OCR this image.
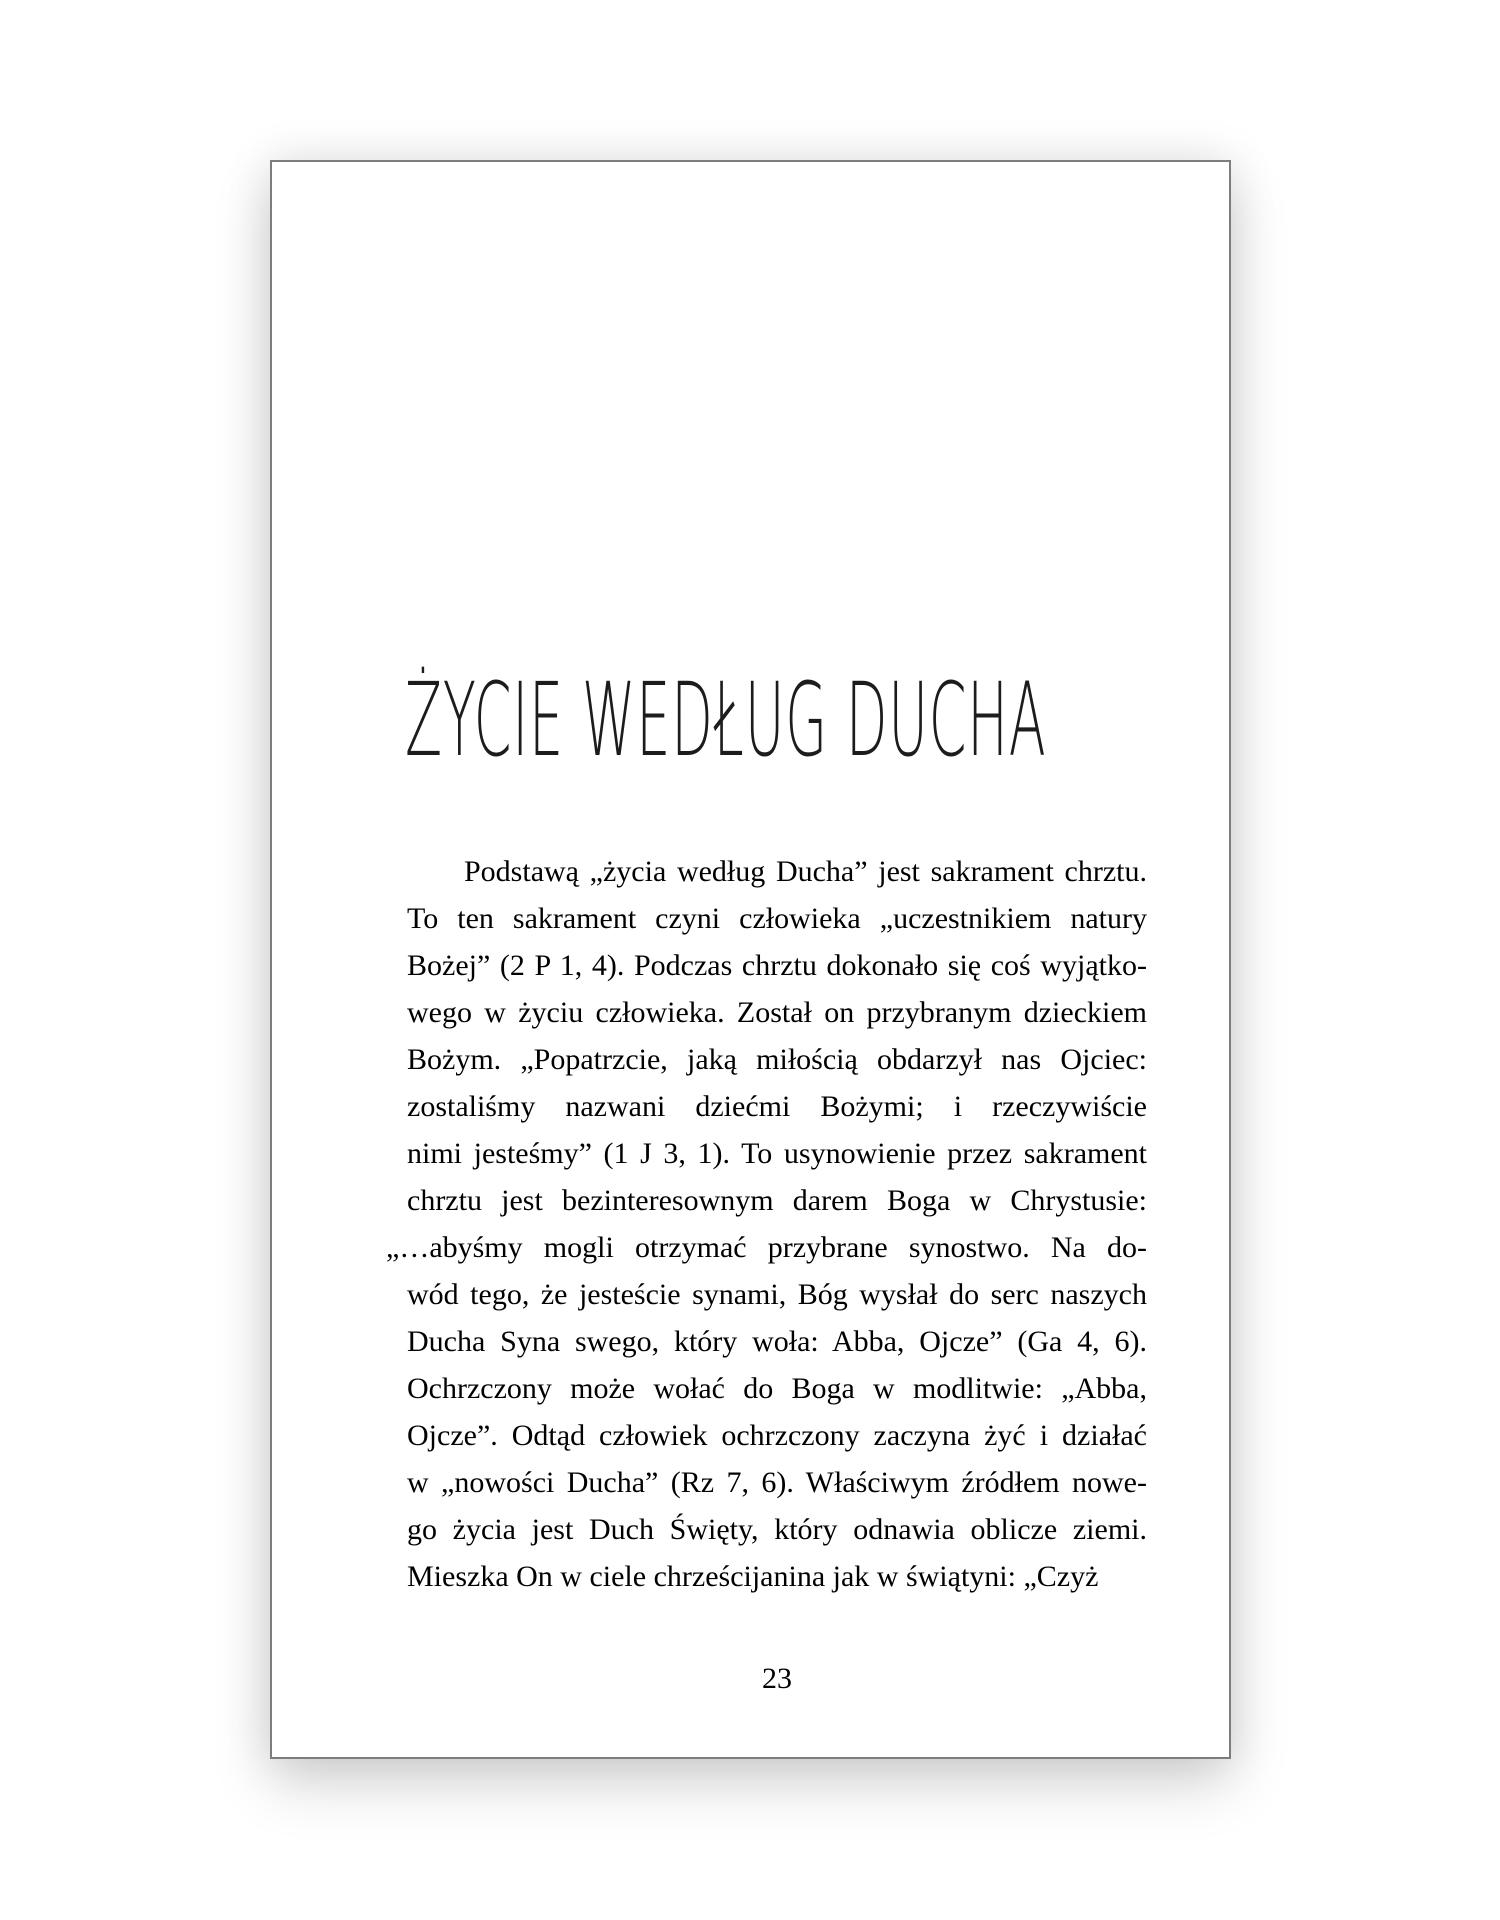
ŻYCIE WEDŁUG DUCHA
Podstawą „życia według Ducha” jest sakrament chrztu.
To ten sakrament czyni człowieka „uczestnikiem natury
Bożej” (2 P 1, 4). Podczas chrztu dokonało się coś wyjątko-
wego w życiu człowieka. Został on przybranym dzieckiem
Bożym. „Popatrzcie, jaką miłością obdarzył nas Ojciec:
zostaliśmy nazwani dziećmi Bożymi; i rzeczywiście
nimi jesteśmy” (1 J 3, 1). To usynowienie przez sakrament
chrztu jest bezinteresownym darem Boga w Chrystusie:
„…abyśmy mogli otrzymać przybrane synostwo. Na do-
wód tego, że jesteście synami, Bóg wysłał do serc naszych
Ducha Syna swego, który woła: Abba, Ojcze” (Ga 4, 6).
Ochrzczony może wołać do Boga w modlitwie: „Abba,
Ojcze”. Odtąd człowiek ochrzczony zaczyna żyć i działać
w „nowości Ducha” (Rz 7, 6). Właściwym źródłem nowe-
go życia jest Duch Święty, który odnawia oblicze ziemi.
Mieszka On w ciele chrześcijanina jak w świątyni: „Czyż
23
